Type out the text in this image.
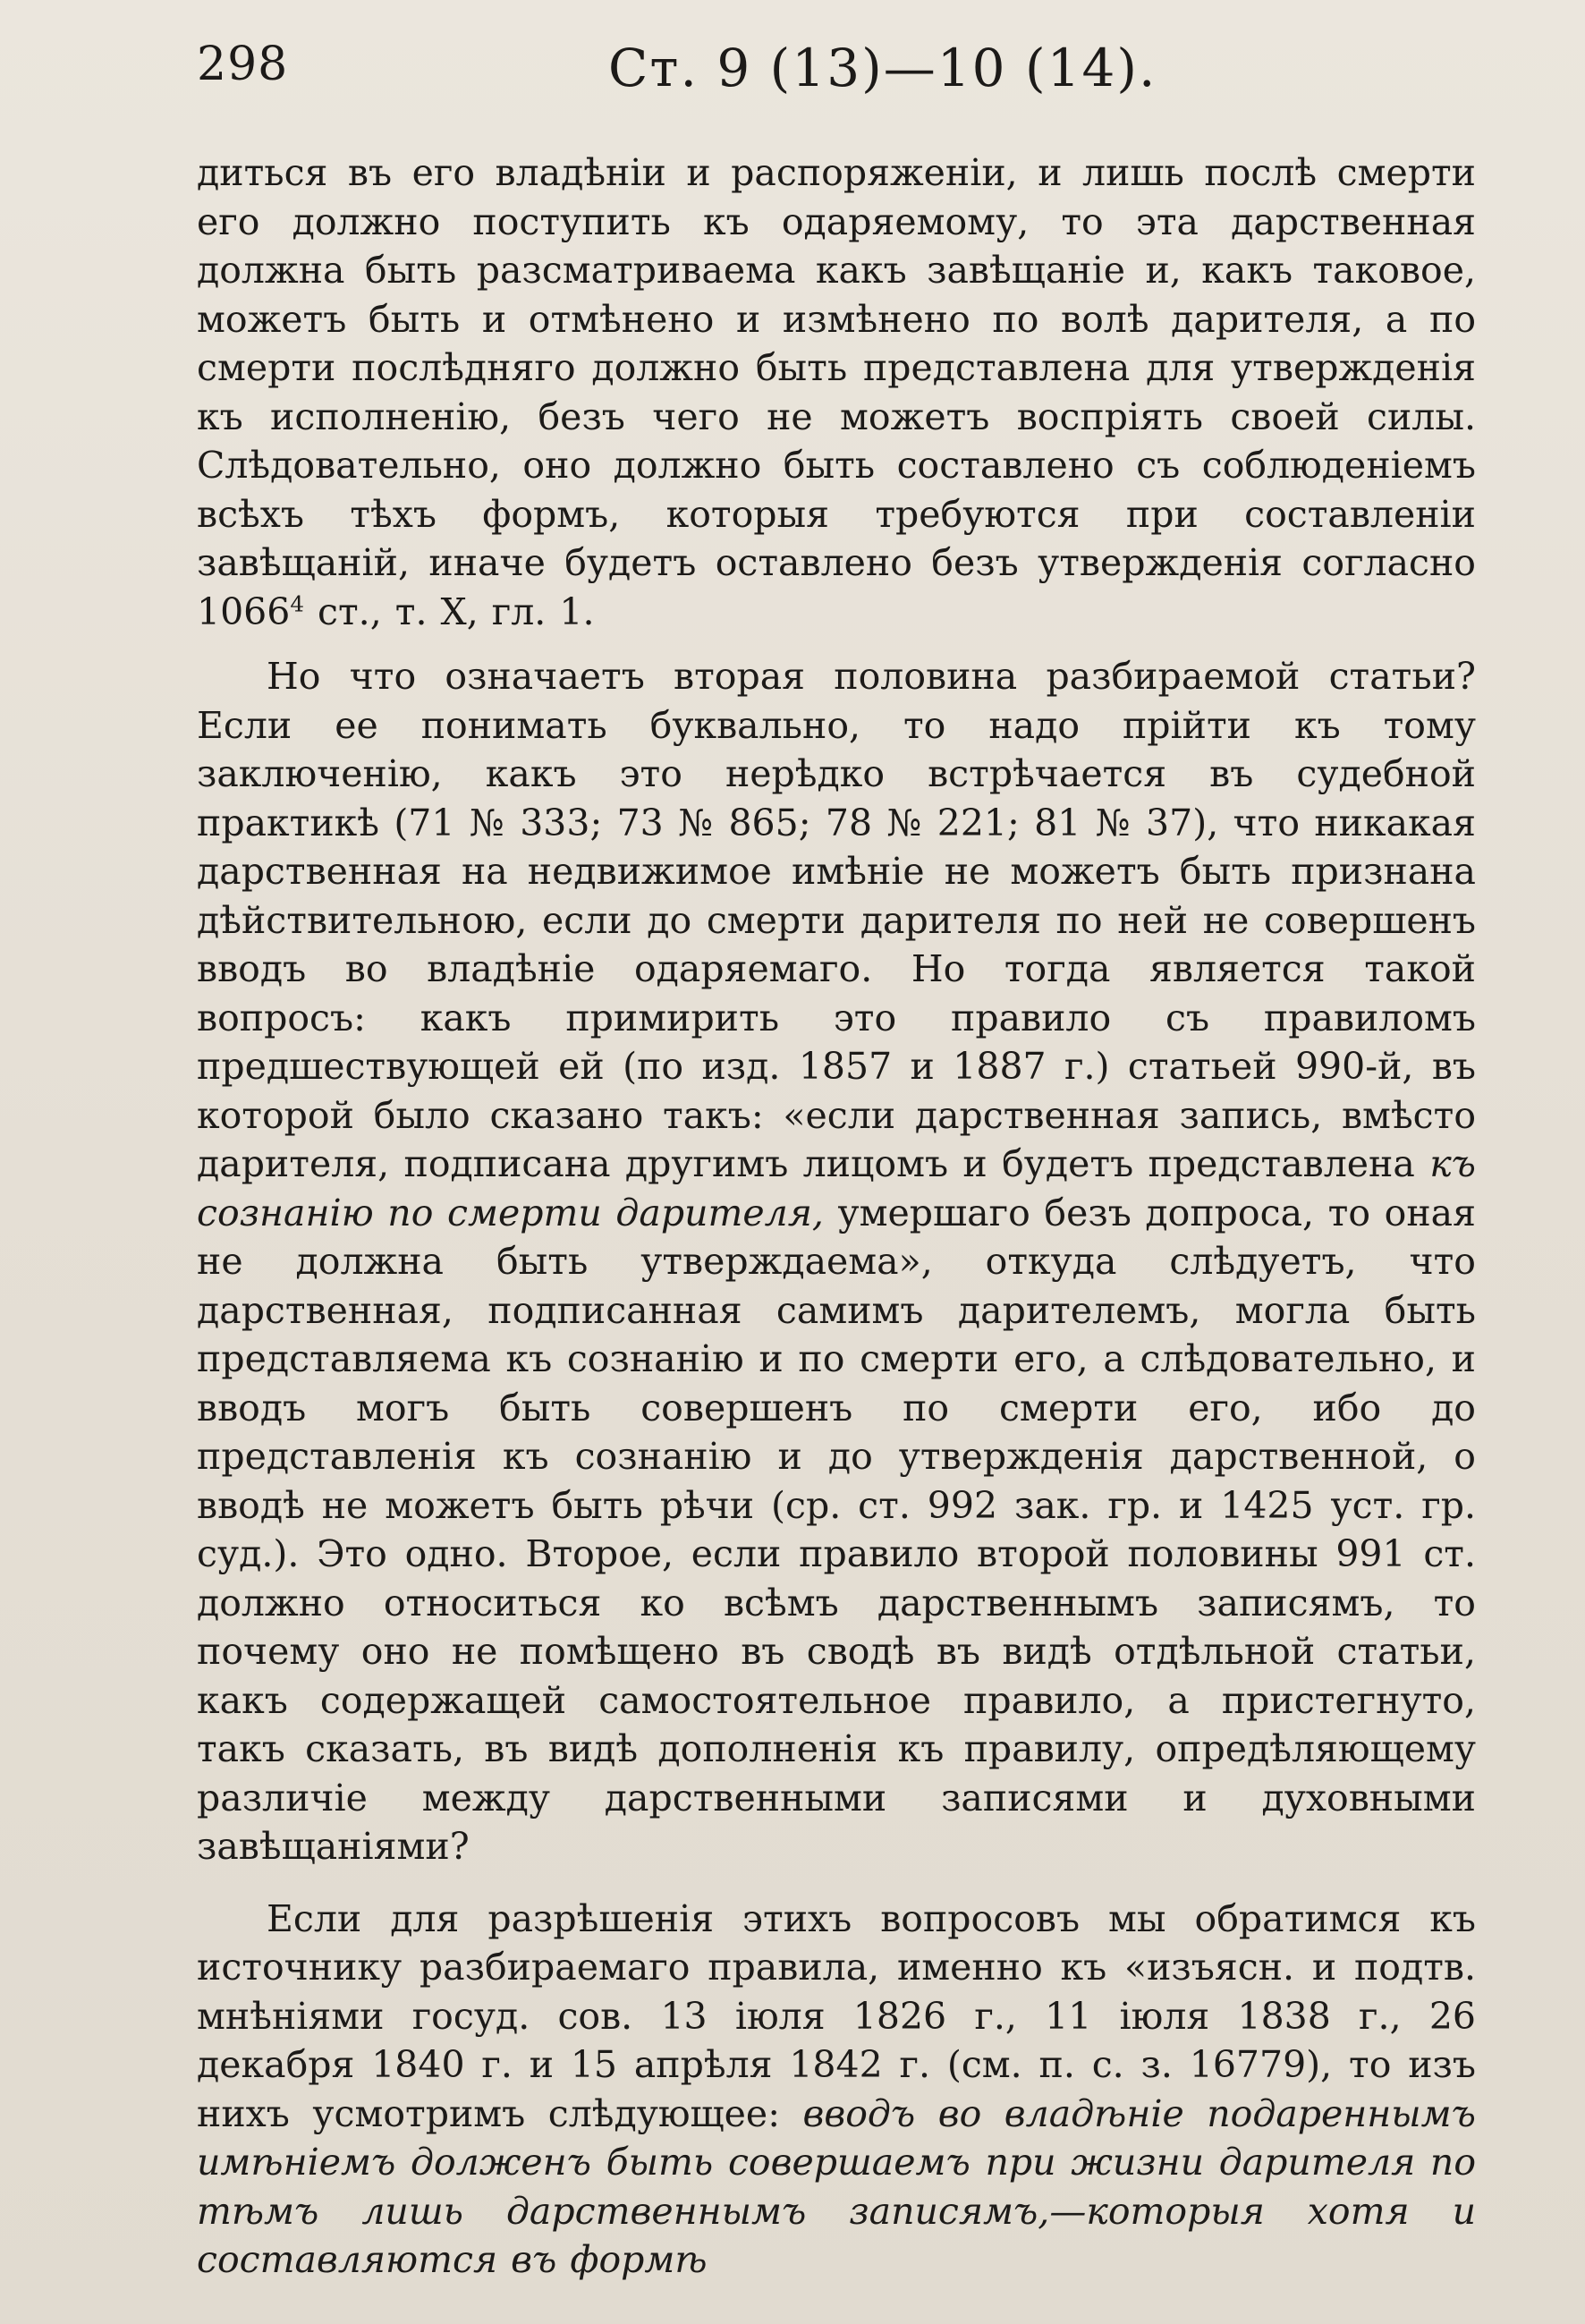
298	Ст. 9 (13)—10 (14).

диться въ его владѣніи и распоряженіи, и лишь послѣ смерти его должно поступить къ одаряемому, то эта дарственная должна быть разсматриваема какъ завѣщаніе и, какъ таковое, можетъ быть и отмѣнено и измѣнено по волѣ дарителя, а по смерти послѣдняго должно быть представлена для утвержденія къ исполненію, безъ чего не можетъ воспріять своей силы. Слѣдовательно, оно должно быть составлено съ соблюденіемъ всѣхъ тѣхъ формъ, которыя требуются при составленіи завѣщаній, иначе будетъ оставлено безъ утвержденія согласно 1066$^4$ ст., т. X, гл. 1.

Но что означаетъ вторая половина разбираемой статьи? Если ее понимать буквально, то надо прійти къ тому заключенію, какъ это нерѣдко встрѣчается въ судебной практикѣ (71 № 333; 73 № 865; 78 № 221; 81 № 37), что никакая дарственная на недвижимое имѣніе не можетъ быть признана дѣйствительною, если до смерти дарителя по ней не совершенъ вводъ во владѣніе одаряемаго. Но тогда является такой вопросъ: какъ примирить это правило съ правиломъ предшествующей ей (по изд. 1857 и 1887 г.) статьей 990-й, въ которой было сказано такъ: «если дарственная запись, вмѣсто дарителя, подписана другимъ лицомъ и будетъ представлена къ сознанію по смерти дарителя, умершаго безъ допроса, то оная не должна быть утверждаема», откуда слѣдуетъ, что дарственная, подписанная самимъ дарителемъ, могла быть представляема къ сознанію и по смерти его, а слѣдовательно, и вводъ могъ быть совершенъ по смерти его, ибо до представленія къ сознанію и до утвержденія дарственной, о вводѣ не можетъ быть рѣчи (ср. ст. 992 зак. гр. и 1425 уст. гр. суд.). Это одно. Второе, если правило второй половины 991 ст. должно относиться ко всѣмъ дарственнымъ записямъ, то почему оно не помѣщено въ сводѣ въ видѣ отдѣльной статьи, какъ содержащей самостоятельное правило, а пристегнуто, такъ сказать, въ видѣ дополненія къ правилу, опредѣляющему различіе между дарственными записями и духовными завѣщаніями?

Если для разрѣшенія этихъ вопросовъ мы обратимся къ источнику разбираемаго правила, именно къ «изъясн. и подтв. мнѣніями госуд. сов. 13 іюля 1826 г., 11 іюля 1838 г., 26 декабря 1840 г. и 15 апрѣля 1842 г. (см. п. с. з. 16779), то изъ нихъ усмотримъ слѣдующее: вводъ во владѣніе подареннымъ имѣніемъ долженъ быть совершаемъ при жизни дарителя по тѣмъ лишь дарственнымъ записямъ,—которыя хотя и составляются въ формѣ
